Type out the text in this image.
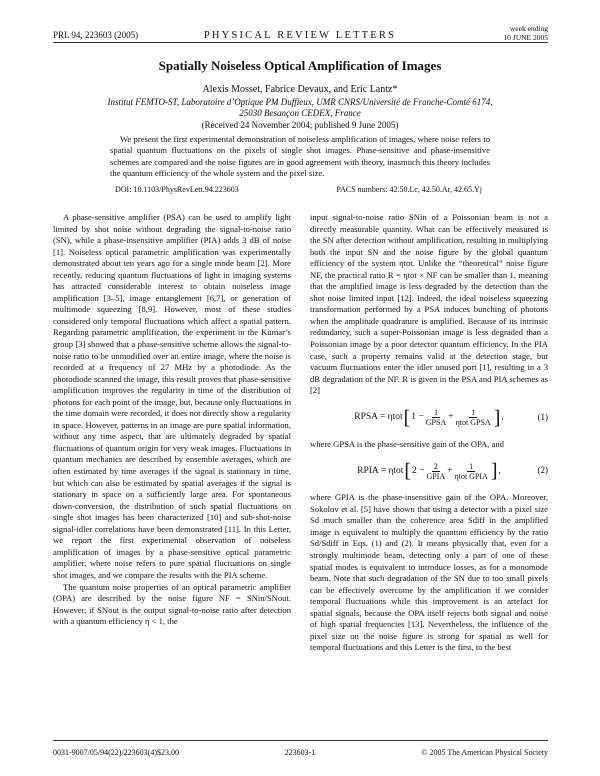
PRL 94, 223603 (2005)	PHYSICAL REVIEW LETTERS
week ending
10 JUNE 2005
Spatially Noiseless Optical Amplification of Images
Alexis Mosset, Fabrice Devaux, and Eric Lantz*
Institut FEMTO-ST, Laboratoire d’Optique PM Duffieux, UMR CNRS/Université de Franche-Comté 6174,
25030 Besançon CEDEX, France
(Received 24 November 2004; published 9 June 2005)
We present the first experimental demonstration of noiseless amplification of images, where noise refers to spatial quantum fluctuations on the pixels of single shot images. Phase-sensitive and phase-insensitive schemes are compared and the noise figures are in good agreement with theory, inasmuch this theory includes the quantum efficiency of the whole system and the pixel size.
DOI: 10.1103/PhysRevLett.94.223603	PACS numbers: 42.50.Lc, 42.50.Ar, 42.65.Yj

A phase-sensitive amplifier (PSA) can be used to amplify light limited by shot noise without degrading the signal-to-noise ratio (SN), while a phase-insensitive amplifier (PIA) adds 3 dB of noise [1]. Noiseless optical parametric amplification was experimentally demonstrated about ten years ago for a single mode beam [2]. More recently, reducing quantum fluctuations of light in imaging systems has attracted considerable interest to obtain noiseless image amplification [3–5], image entanglement [6,7], or generation of multimode squeezing [8,9]. However, most of these studies considered only temporal fluctuations which affect a spatial pattern. Regarding parametric amplification, the experiment in the Kumar’s group [3] showed that a phase-sensitive scheme allows the signal-to-noise ratio to be unmodified over an entire image, where the noise is recorded at a frequency of 27 MHz by a photodiode. As the photodiode scanned the image, this result proves that phase-sensitive amplification improves the regularity in time of the distribution of photons for each point of the image, but, because only fluctuations in the time domain were recorded, it does not directly show a regularity in space. However, patterns in an image are pure spatial information, without any time aspect, that are ultimately degraded by spatial fluctuations of quantum origin for very weak images. Fluctuations in quantum mechanics are described by ensemble averages, which are often estimated by time averages if the signal is stationary in time, but which can also be estimated by spatial averages if the signal is stationary in space on a sufficiently large area. For spontaneous down-conversion, the distribution of such spatial fluctuations on single shot images has been characterized [10] and sub-shot-noise signal-idler correlations have been demonstrated [11]. In this Letter, we report the first experimental observation of noiseless amplification of images by a phase-sensitive optical parametric amplifier, where noise refers to pure spatial fluctuations on single shot images, and we compare the results with the PIA scheme.

The quantum noise properties of an optical parametric amplifier (OPA) are described by the noise figure NF = SNin/SNout. However, if SNout is the output signal-to-noise ratio after detection with a quantum efficiency η < 1, the

input signal-to-noise ratio SNin of a Poissonian beam is not a directly measurable quantity. What can be effectively measured is the SN after detection without amplification, resulting in multiplying both the input SN and the noise figure by the global quantum efficiency of the system ηtot. Unlike the “theoretical” noise figure NF, the practical ratio R = ηtot × NF can be smaller than 1, meaning that the amplified image is less degraded by the detection than the shot noise limited input [12]. Indeed, the ideal noiseless squeezing transformation performed by a PSA induces bunching of photons when the amplitude quadrature is amplified. Because of its intrinsic redundancy, such a super-Poissonian image is less degraded than a Poissonian image by a poor detector quantum efficiency. In the PIA case, such a property remains valid at the detection stage, but vacuum fluctuations enter the idler unused port [1], resulting in a 3 dB degradation of the NF. R is given in the PSA and PIA schemes as [2]

RPSA = ηtot [ $1 - \frac{1}{\text{GPSA}} + \frac{1}{\text{ηtot GPSA}}$ ] ,	(1)

where GPSA is the phase-sensitive gain of the OPA, and

RPIA = ηtot [ $2 - \frac{2}{\text{GPIA}} + \frac{1}{\text{ηtot GPIA}}$ ] ,	(2)

where GPIA is the phase-insensitive gain of the OPA. Moreover, Sokolov et al. [5] have shown that using a detector with a pixel size Sd much smaller than the coherence area Sdiff in the amplified image is equivalent to multiply the quantum efficiency by the ratio Sd/Sdiff in Eqs. (1) and (2). It means physically that, even for a strongly multimode beam, detecting only a part of one of these spatial modes is equivalent to introduce losses, as for a monomode beam. Note that such degradation of the SN due to too small pixels can be effectively overcome by the amplification if we consider temporal fluctuations while this improvement is an artefact for spatial signals, because the OPA itself rejects both signal and noise of high spatial frequencies [13]. Nevertheless, the influence of the pixel size on the noise figure is strong for spatial as well for temporal fluctuations and this Letter is the first, to the best

0031-9007/05/94(22)/223603(4)$23.00	223603-1	© 2005 The American Physical Society
